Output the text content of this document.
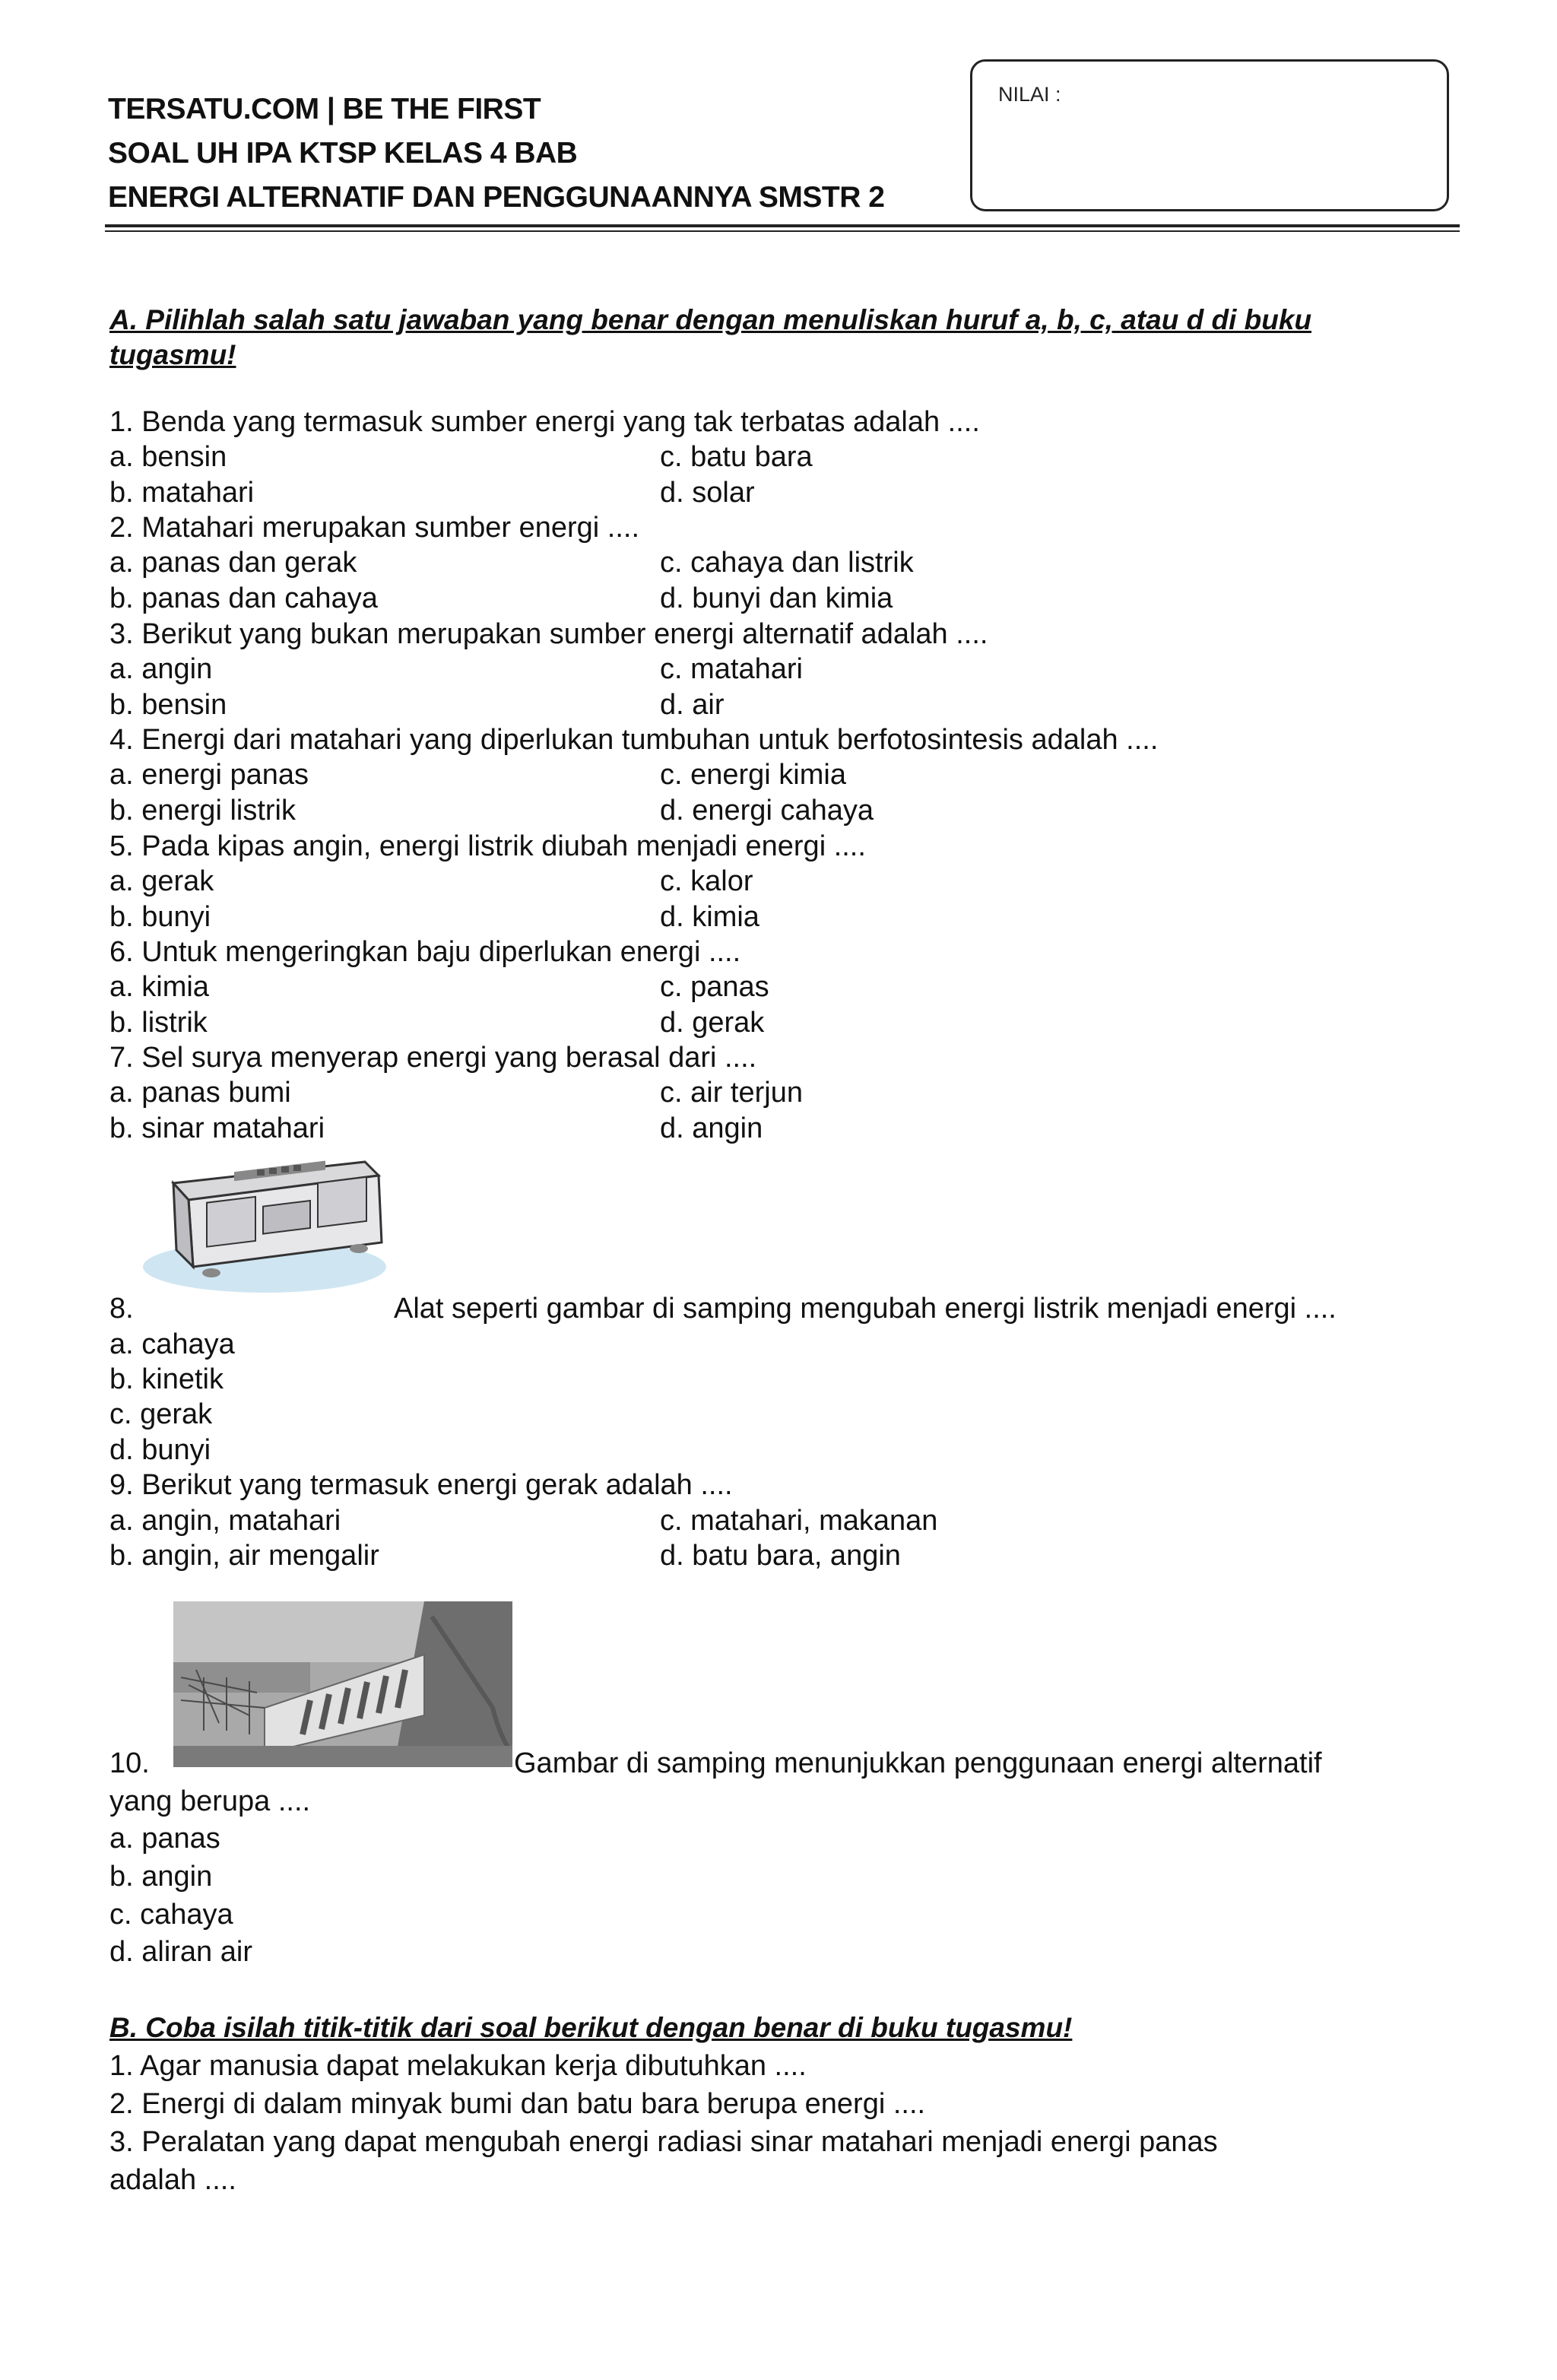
TERSATU.COM | BE THE FIRST
SOAL UH IPA KTSP KELAS 4 BAB
ENERGI ALTERNATIF DAN PENGGUNAANNYA SMSTR 2
NILAI :
A. Pilihlah salah satu jawaban yang benar dengan menuliskan huruf a, b, c, atau d di buku
tugasmu!
1. Benda yang termasuk sumber energi yang tak terbatas adalah ....
a. bensin	c. batu bara
b. matahari	d. solar
2. Matahari merupakan sumber energi ....
a. panas dan gerak	c. cahaya dan listrik
b. panas dan cahaya	d. bunyi dan kimia
3. Berikut yang bukan merupakan sumber energi alternatif adalah ....
a. angin	c. matahari
b. bensin	d. air
4. Energi dari matahari yang diperlukan tumbuhan untuk berfotosintesis adalah ....
a. energi panas	c. energi kimia
b. energi listrik	d. energi cahaya
5. Pada kipas angin, energi listrik diubah menjadi energi ....
a. gerak	c. kalor
b. bunyi	d. kimia
6. Untuk mengeringkan baju diperlukan energi ....
a. kimia	c. panas
b. listrik	d. gerak
7. Sel surya menyerap energi yang berasal dari ....
a. panas bumi	c. air terjun
b. sinar matahari	d. angin
8.	Alat seperti gambar di samping mengubah energi listrik menjadi energi ....
a. cahaya
b. kinetik
c. gerak
d. bunyi
9. Berikut yang termasuk energi gerak adalah ....
a. angin, matahari	c. matahari, makanan
b. angin, air mengalir	d. batu bara, angin
10.	Gambar di samping menunjukkan penggunaan energi alternatif
yang berupa ....
a. panas
b. angin
c. cahaya
d. aliran air
B. Coba isilah titik-titik dari soal berikut dengan benar di buku tugasmu!
1. Agar manusia dapat melakukan kerja dibutuhkan ....
2. Energi di dalam minyak bumi dan batu bara berupa energi ....
3. Peralatan yang dapat mengubah energi radiasi sinar matahari menjadi energi panas
adalah ....
